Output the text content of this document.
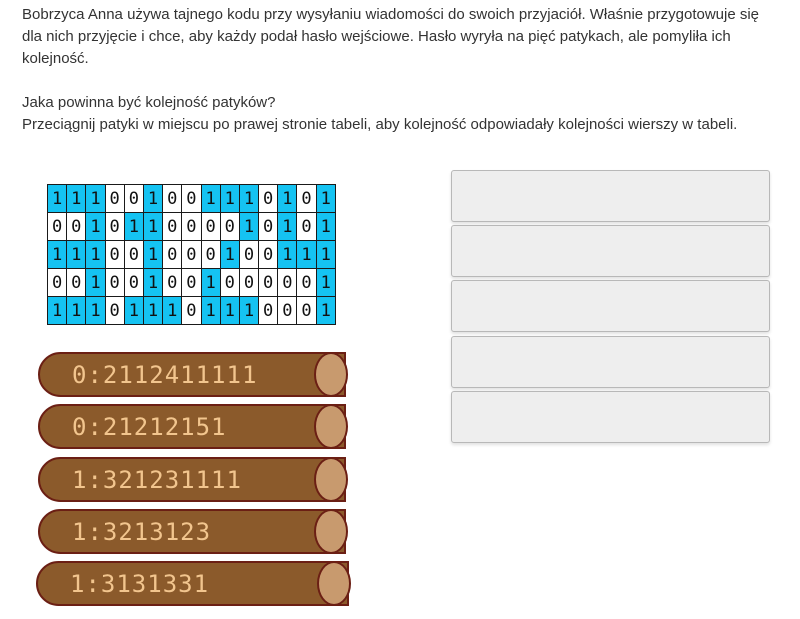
Bobrzyca Anna używa tajnego kodu przy wysyłaniu wiadomości do swoich przyjaciół. Właśnie przygotowuje się dla nich przyjęcie i chce, aby każdy podał hasło wejściowe. Hasło wyryła na pięć patykach, ale pomyliła ich kolejność.

Jaka powinna być kolejność patyków?

Przeciągnij patyki w miejscu po prawej stronie tabeli, aby kolejność odpowiadały kolejności wierszy w tabeli.

1	1	1	0	0	1	0	0	1	1	1	0	1	0	1
0	0	1	0	1	1	0	0	0	0	1	0	1	0	1
1	1	1	0	0	1	0	0	0	1	0	0	1	1	1
0	0	1	0	0	1	0	0	1	0	0	0	0	0	1
1	1	1	0	1	1	1	0	1	1	1	0	0	0	1
0:2112411111
0:21212151
1:321231111
1:3213123
1:3131331
